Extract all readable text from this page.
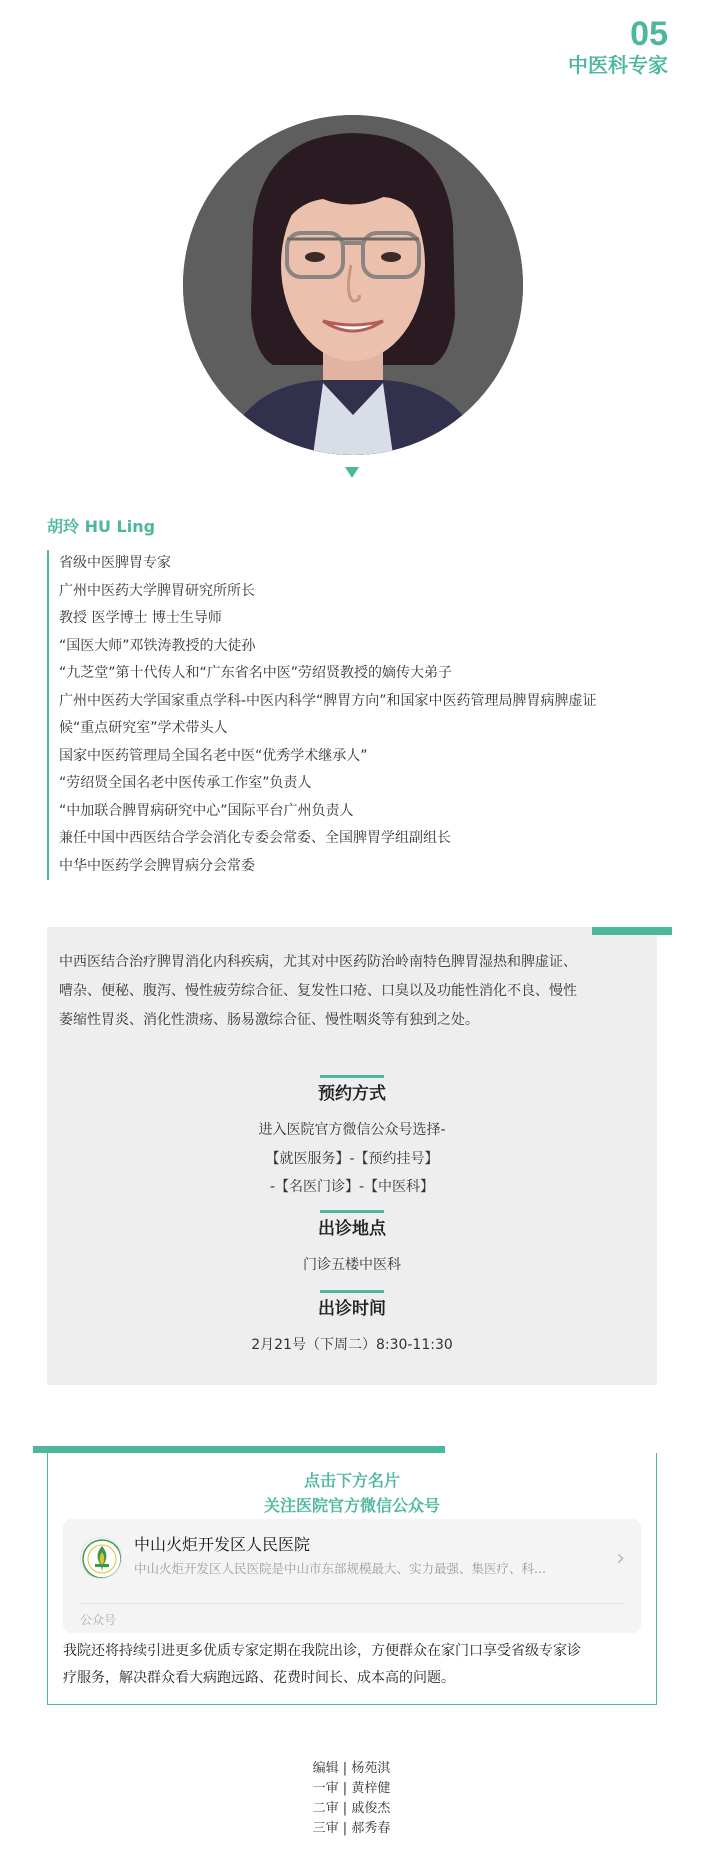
05
中医科专家
胡玲 HU Ling
省级中医脾胃专家
广州中医药大学脾胃研究所所长
教授 医学博士 博士生导师
“国医大师”邓铁涛教授的大徒孙
“九芝堂”第十代传人和“广东省名中医”劳绍贤教授的嫡传大弟子
广州中医药大学国家重点学科-中医内科学“脾胃方向”和国家中医药管理局脾胃病脾虚证
候“重点研究室”学术带头人
国家中医药管理局全国名老中医“优秀学术继承人”
“劳绍贤全国名老中医传承工作室”负责人
“中加联合脾胃病研究中心”国际平台广州负责人
兼任中国中西医结合学会消化专委会常委、全国脾胃学组副组长
中华中医药学会脾胃病分会常委
中西医结合治疗脾胃消化内科疾病，尤其对中医药防治岭南特色脾胃湿热和脾虚证、
嘈杂、便秘、腹泻、慢性疲劳综合征、复发性口疮、口臭以及功能性消化不良、慢性
萎缩性胃炎、消化性溃疡、肠易激综合征、慢性咽炎等有独到之处。
预约方式
进入医院官方微信公众号选择-
【就医服务】-【预约挂号】
-【名医门诊】-【中医科】
出诊地点
门诊五楼中医科
出诊时间
2月21号（下周二）8:30-11:30
点击下方名片
关注医院官方微信公众号
中山火炬开发区人民医院
中山火炬开发区人民医院是中山市东部规模最大、实力最强、集医疗、科...	›
公众号
我院还将持续引进更多优质专家定期在我院出诊，方便群众在家门口享受省级专家诊
疗服务，解决群众看大病跑远路、花费时间长、成本高的问题。
编辑 | 杨苑淇
一审 | 黄梓健
二审 | 戚俊杰
三审 | 郝秀春
